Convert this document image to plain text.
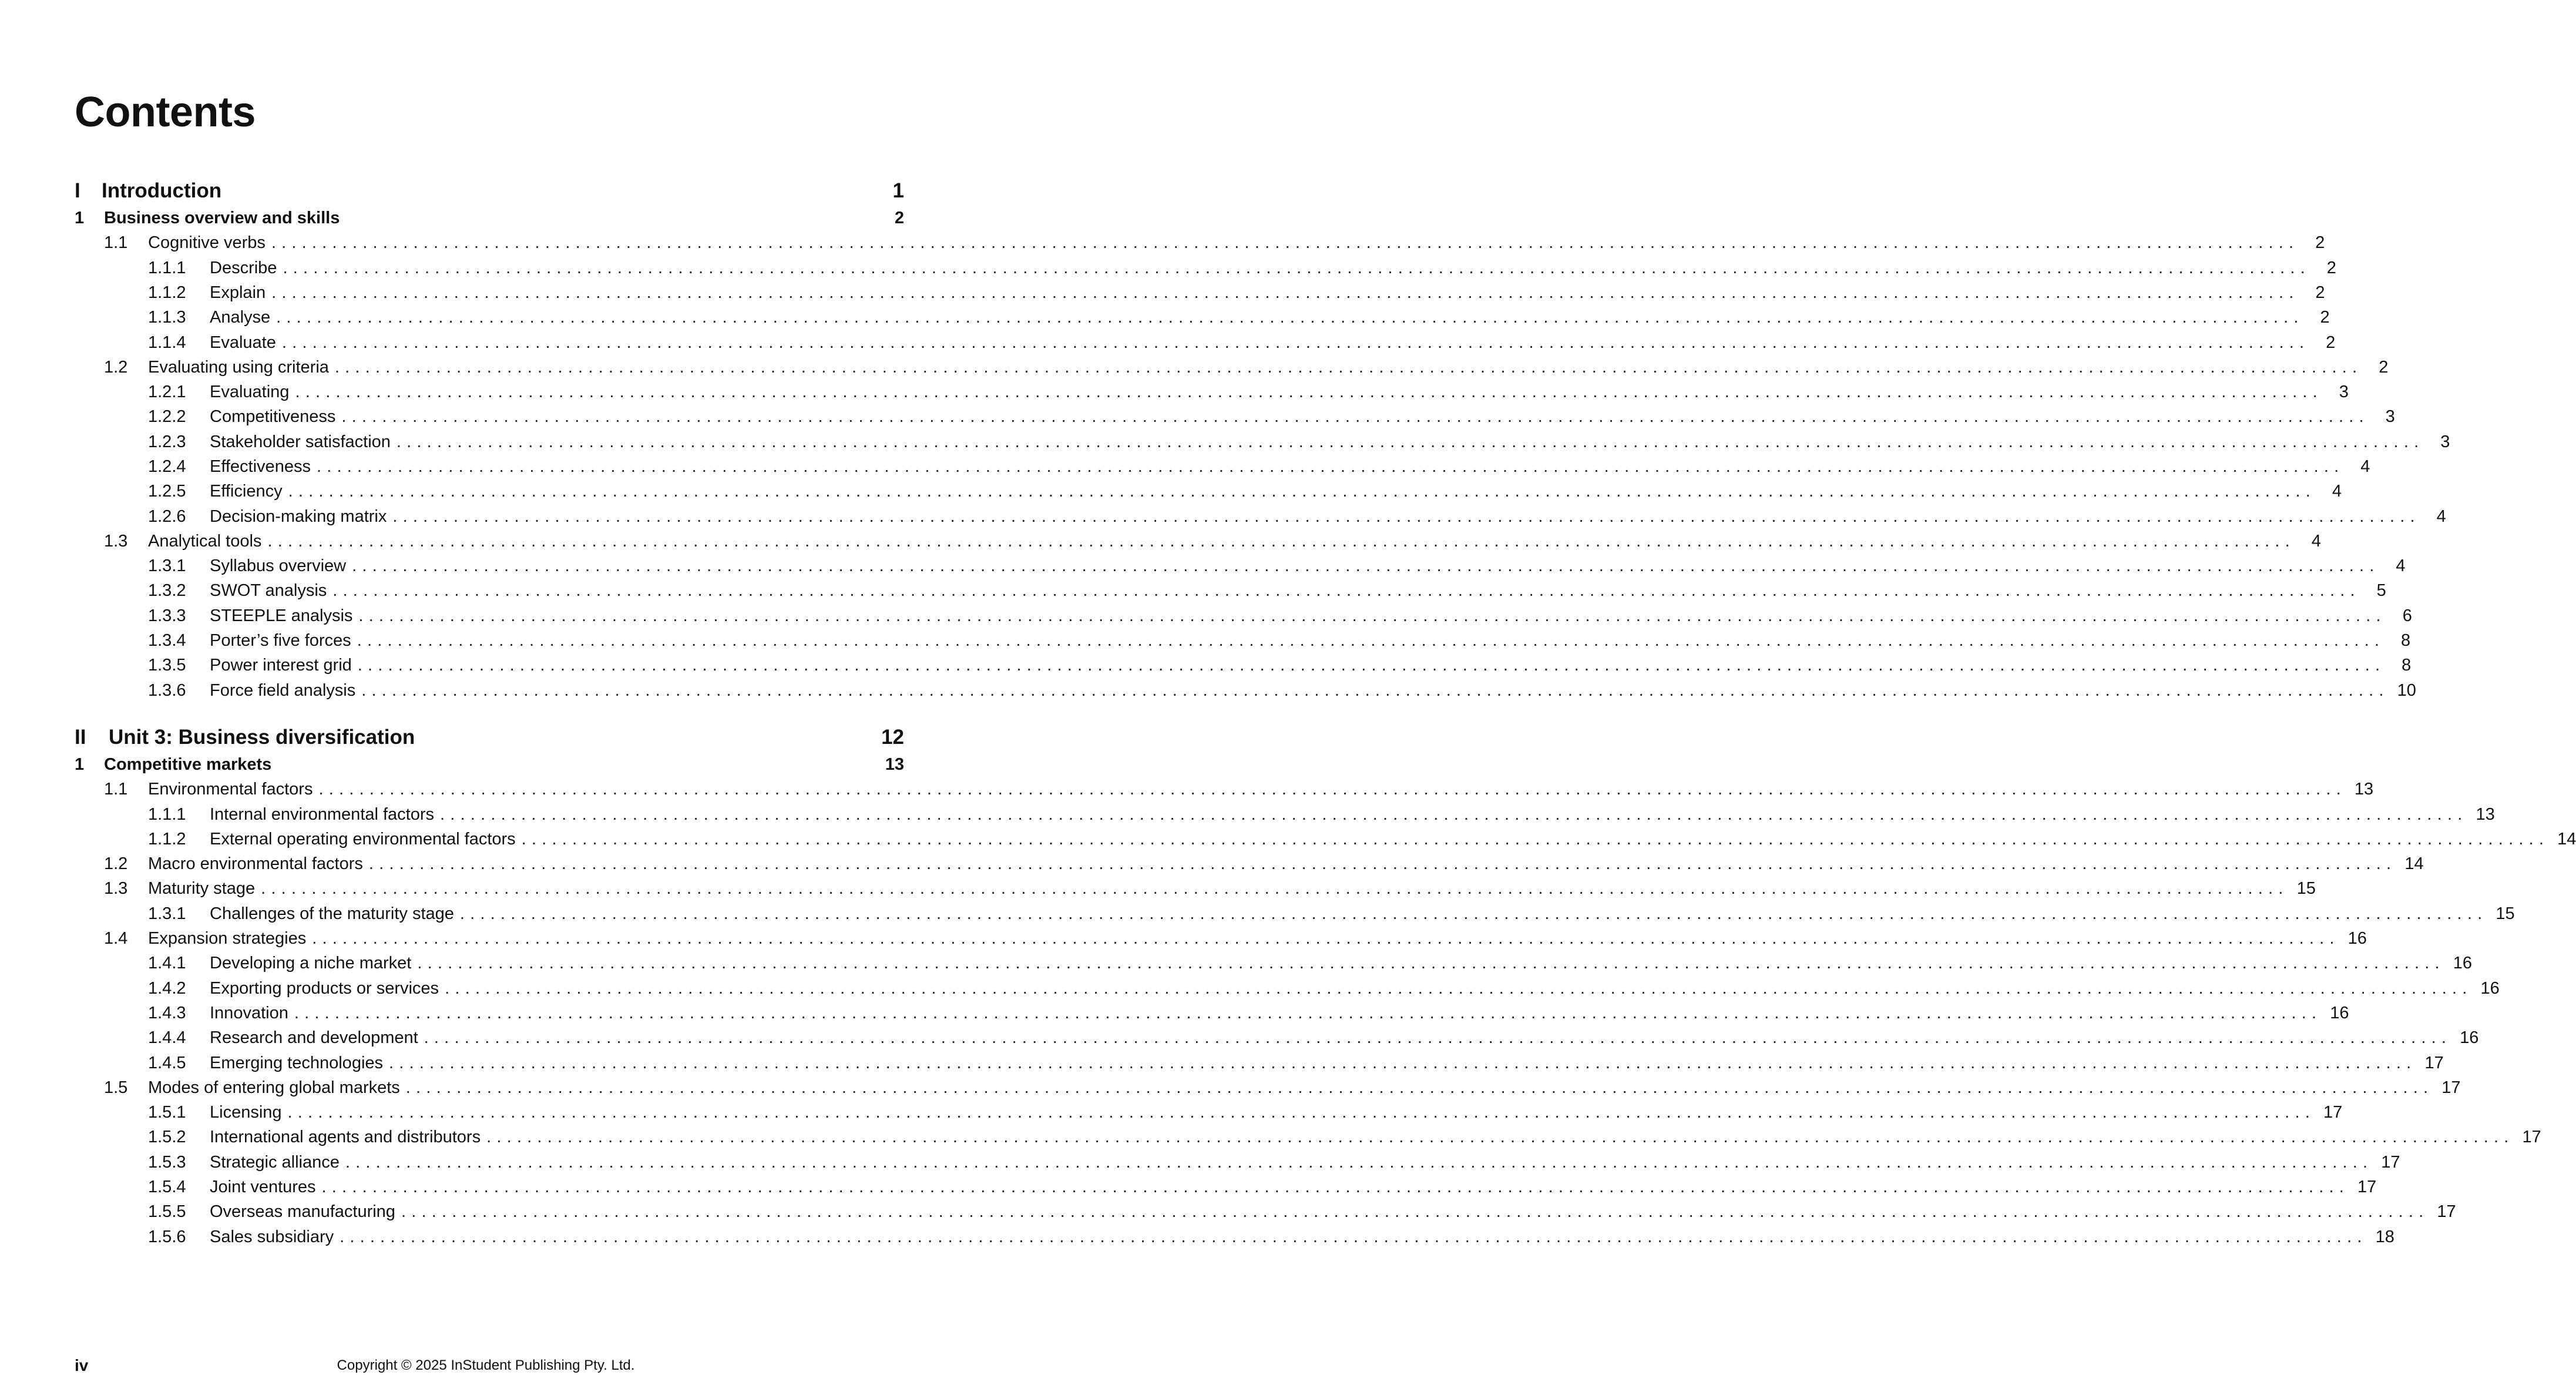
Contents
I	Introduction	1
1	Business overview and skills	2
1.1	Cognitive verbs ........................................................................................................................................................................................................ 2
1.1.1	Describe ........................................................................................................................................................................................................ 2
1.1.2	Explain ........................................................................................................................................................................................................ 2
1.1.3	Analyse ........................................................................................................................................................................................................ 2
1.1.4	Evaluate ........................................................................................................................................................................................................ 2
1.2	Evaluating using criteria ........................................................................................................................................................................................................ 2
1.2.1	Evaluating ........................................................................................................................................................................................................ 3
1.2.2	Competitiveness ........................................................................................................................................................................................................ 3
1.2.3	Stakeholder satisfaction ........................................................................................................................................................................................................ 3
1.2.4	Effectiveness ........................................................................................................................................................................................................ 4
1.2.5	Efficiency ........................................................................................................................................................................................................ 4
1.2.6	Decision-making matrix ........................................................................................................................................................................................................ 4
1.3	Analytical tools ........................................................................................................................................................................................................ 4
1.3.1	Syllabus overview ........................................................................................................................................................................................................ 4
1.3.2	SWOT analysis ........................................................................................................................................................................................................ 5
1.3.3	STEEPLE analysis ........................................................................................................................................................................................................ 6
1.3.4	Porter’s five forces ........................................................................................................................................................................................................ 8
1.3.5	Power interest grid ........................................................................................................................................................................................................ 8
1.3.6	Force field analysis ........................................................................................................................................................................................................ 10
II	Unit 3: Business diversification	12
1	Competitive markets	13
1.1	Environmental factors ........................................................................................................................................................................................................ 13
1.1.1	Internal environmental factors ........................................................................................................................................................................................................ 13
1.1.2	External operating environmental factors ........................................................................................................................................................................................................ 14
1.2	Macro environmental factors ........................................................................................................................................................................................................ 14
1.3	Maturity stage ........................................................................................................................................................................................................ 15
1.3.1	Challenges of the maturity stage ........................................................................................................................................................................................................ 15
1.4	Expansion strategies ........................................................................................................................................................................................................ 16
1.4.1	Developing a niche market ........................................................................................................................................................................................................ 16
1.4.2	Exporting products or services ........................................................................................................................................................................................................ 16
1.4.3	Innovation ........................................................................................................................................................................................................ 16
1.4.4	Research and development ........................................................................................................................................................................................................ 16
1.4.5	Emerging technologies ........................................................................................................................................................................................................ 17
1.5	Modes of entering global markets ........................................................................................................................................................................................................ 17
1.5.1	Licensing ........................................................................................................................................................................................................ 17
1.5.2	International agents and distributors ........................................................................................................................................................................................................ 17
1.5.3	Strategic alliance ........................................................................................................................................................................................................ 17
1.5.4	Joint ventures ........................................................................................................................................................................................................ 17
1.5.5	Overseas manufacturing ........................................................................................................................................................................................................ 17
1.5.6	Sales subsidiary ........................................................................................................................................................................................................ 18
iv	Copyright © 2025 InStudent Publishing Pty. Ltd.
